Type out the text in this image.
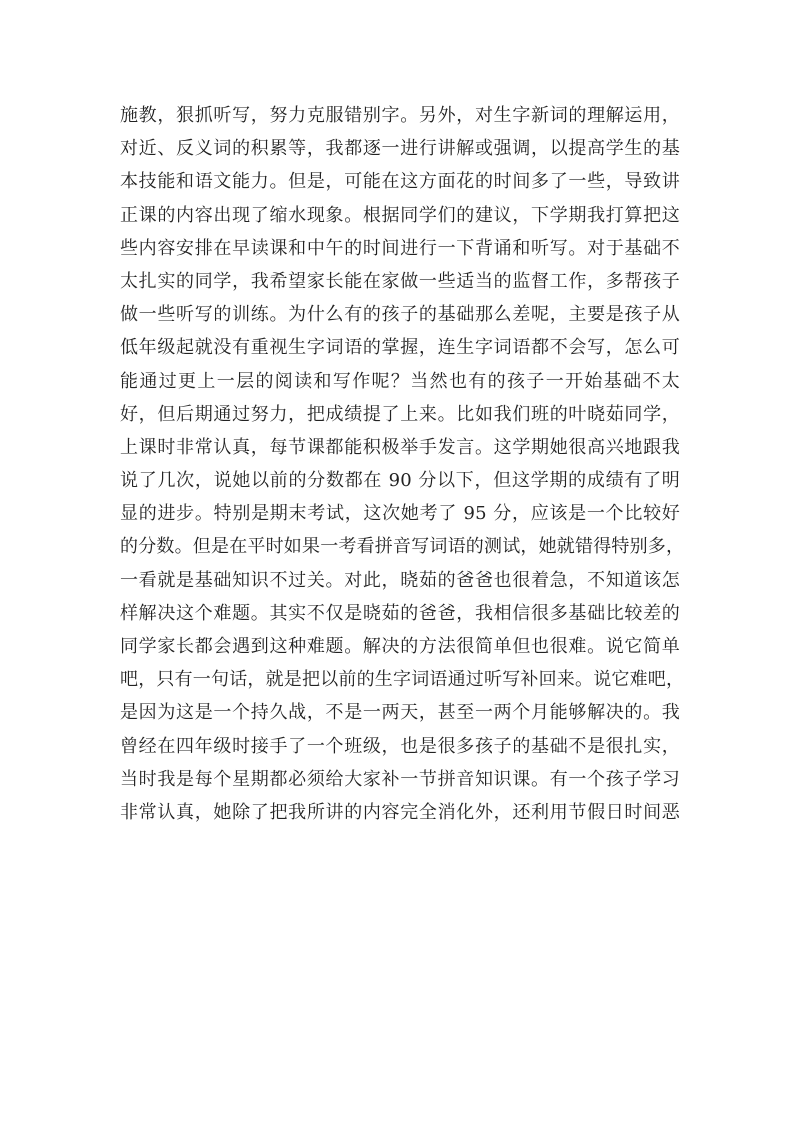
施教，狠抓听写，努力克服错别字。另外，对生字新词的理解运用，
对近、反义词的积累等，我都逐一进行讲解或强调，以提高学生的基
本技能和语文能力。但是，可能在这方面花的时间多了一些，导致讲
正课的内容出现了缩水现象。根据同学们的建议，下学期我打算把这
些内容安排在早读课和中午的时间进行一下背诵和听写。对于基础不
太扎实的同学，我希望家长能在家做一些适当的监督工作，多帮孩子
做一些听写的训练。为什么有的孩子的基础那么差呢，主要是孩子从
低年级起就没有重视生字词语的掌握，连生字词语都不会写，怎么可
能通过更上一层的阅读和写作呢？当然也有的孩子一开始基础不太
好，但后期通过努力，把成绩提了上来。比如我们班的叶晓茹同学，
上课时非常认真，每节课都能积极举手发言。这学期她很高兴地跟我
说了几次，说她以前的分数都在 90 分以下，但这学期的成绩有了明
显的进步。特别是期末考试，这次她考了 95 分，应该是一个比较好
的分数。但是在平时如果一考看拼音写词语的测试，她就错得特别多，
一看就是基础知识不过关。对此，晓茹的爸爸也很着急，不知道该怎
样解决这个难题。其实不仅是晓茹的爸爸，我相信很多基础比较差的
同学家长都会遇到这种难题。解决的方法很简单但也很难。说它简单
吧，只有一句话，就是把以前的生字词语通过听写补回来。说它难吧，
是因为这是一个持久战，不是一两天，甚至一两个月能够解决的。我
曾经在四年级时接手了一个班级，也是很多孩子的基础不是很扎实，
当时我是每个星期都必须给大家补一节拼音知识课。有一个孩子学习
非常认真，她除了把我所讲的内容完全消化外，还利用节假日时间恶
